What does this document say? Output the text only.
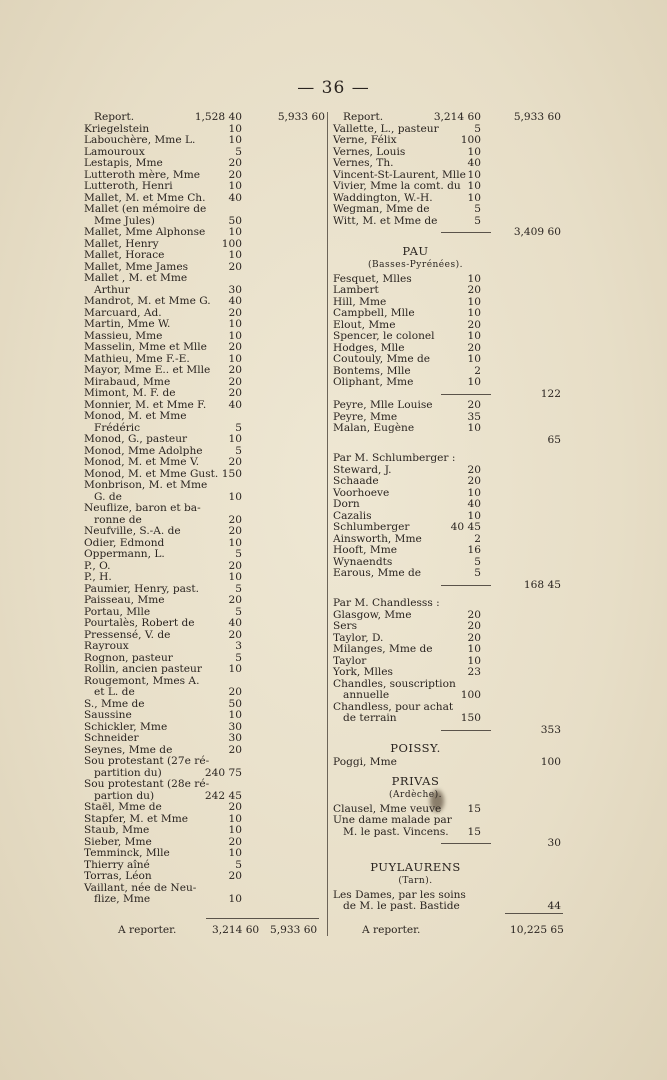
— 36 —
Report.	1,528 40	5,933 60
Kriegelstein	10
Labouchère, Mme L.	10
Lamouroux	5
Lestapis, Mme	20
Lutteroth mère, Mme	20
Lutteroth, Henri	10
Mallet, M. et Mme Ch. 40
Mallet (en mémoire de
Mme Jules)	50
Mallet, Mme Alphonse 10
Mallet, Henry	100
Mallet, Horace	10
Mallet, Mme James	20
Mallet , M. et Mme
Arthur	30
Mandrot, M. et Mme G. 40
Marcuard, Ad.	20
Martin, Mme W.	10
Massieu, Mme	10
Masselin, Mme et Mlle 20
Mathieu, Mme F.-E.	10
Mayor, Mme E.. et Mlle 20
Mirabaud, Mme	20
Mimont, M. F. de	20
Monnier, M. et Mme F. 40
Monod, M. et Mme
Frédéric	5
Monod, G., pasteur	10
Monod, Mme Adolphe	5
Monod, M. et Mme V.	20
Monod, M. et Mme Gust. 150
Monbrison, M. et Mme
G. de	10
Neuflize, baron et ba-
ronne de	20
Neufville, S.-A. de	20
Odier, Edmond	10
Oppermann, L.	5
P., O.	20
P., H.	10
Paumier, Henry, past.	5
Paisseau, Mme	20
Portau, Mlle	5
Pourtalès, Robert de	40
Pressensé, V. de	20
Rayroux	3
Rognon, pasteur	5
Rollin, ancien pasteur	10
Rougemont, Mmes A.
et L. de	20
S., Mme de	50
Saussine	10
Schickler, Mme	30
Schneider	30
Seynes, Mme de	20
Sou protestant (27e ré-
partition du)	240 75
Sou protestant (28e ré-
partion du)	242 45
Staël, Mme de	20
Stapfer, M. et Mme	10
Staub, Mme	10
Sieber, Mme	20
Temminck, Mlle	10
Thierry aîné	5
Torras, Léon	20
Vaillant, née de Neu-
flize, Mme	10
Report.	3,214 60	5,933 60
Vallette, L., pasteur	5
Verne, Félix	100
Vernes, Louis	10
Vernes, Th.	40
Vincent-St-Laurent, Mlle 10
Vivier, Mme la comt. du 10
Waddington, W.-H.	10
Wegman, Mme de	5
Witt, M. et Mme de	5
3,409 60
PAU
(Basses-Pyrénées).
Fesquet, Mlles	10
Lambert	20
Hill, Mme	10
Campbell, Mlle	10
Elout, Mme	20
Spencer, le colonel	10
Hodges, Mlle	20
Coutouly, Mme de	10
Bontems, Mlle	2
Oliphant, Mme	10
122
Peyre, Mlle Louise	20
Peyre, Mme	35
Malan, Eugène	10
65
Par M. Schlumberger :
Steward, J.	20
Schaade	20
Voorhoeve	10
Dorn	40
Cazalis	10
Schlumberger	40 45
Ainsworth, Mme	2
Hooft, Mme	16
Wynaendts	5
Earous, Mme de	5
168 45
Par M. Chandlesss :
Glasgow, Mme	20
Sers	20
Taylor, D.	20
Milanges, Mme de	10
Taylor	10
York, Mlles	23
Chandles, souscription
annuelle	100
Chandless, pour achat
de terrain	150
353
POISSY.
Poggi, Mme	100
PRIVAS
(Ardèche).
Clausel, Mme veuve 15
Une dame malade par
M. le past. Vincens. 15
30
PUYLAURENS
(Tarn).
Les Dames, par les soins
de M. le past. Bastide	44
A reporter.	3,214 60 5,933 60	A reporter.	10,225 65
